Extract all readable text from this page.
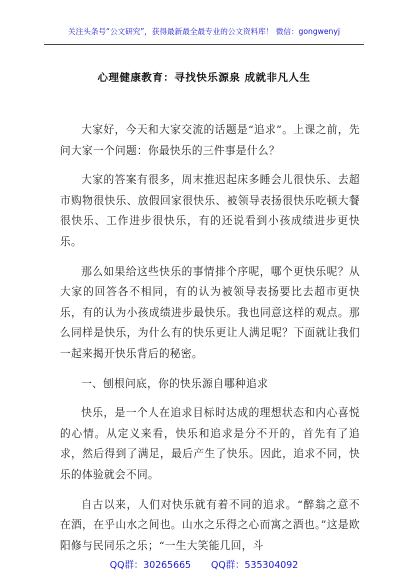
关注头条号“公文研究”，获得最新最全最专业的公文资料库！ 微信：gongwenyj
心理健康教育：寻找快乐源泉 成就非凡人生

大家好，今天和大家交流的话题是“追求”。上课之前，先问大家一个问题：你最快乐的三件事是什么？

大家的答案有很多，周末推迟起床多睡会儿很快乐、去超市购物很快乐、放假回家很快乐、被领导表扬很快乐吃顿大餐很快乐、工作进步很快乐，有的还说看到小孩成绩进步更快乐。

那么如果给这些快乐的事情排个序呢，哪个更快乐呢？从大家的回答各不相同，有的认为被领导表扬要比去超市更快乐，有的认为小孩成绩进步最快乐。我也同意这样的观点。那么同样是快乐，为什么有的快乐更让人满足呢？下面就让我们一起来揭开快乐背后的秘密。

一、刨根问底，你的快乐源自哪种追求

快乐，是一个人在追求目标时达成的理想状态和内心喜悦的心情。从定义来看，快乐和追求是分不开的，首先有了追求，然后得到了满足，最后产生了快乐。因此，追求不同，快乐的体验就会不同。

自古以来，人们对快乐就有着不同的追求。“醉翁之意不在酒，在乎山水之间也。山水之乐得之心而寓之酒也。”这是欧阳修与民同乐之乐；“一生大笑能几回，斗

QQ群：30265665 QQ群：535304092
